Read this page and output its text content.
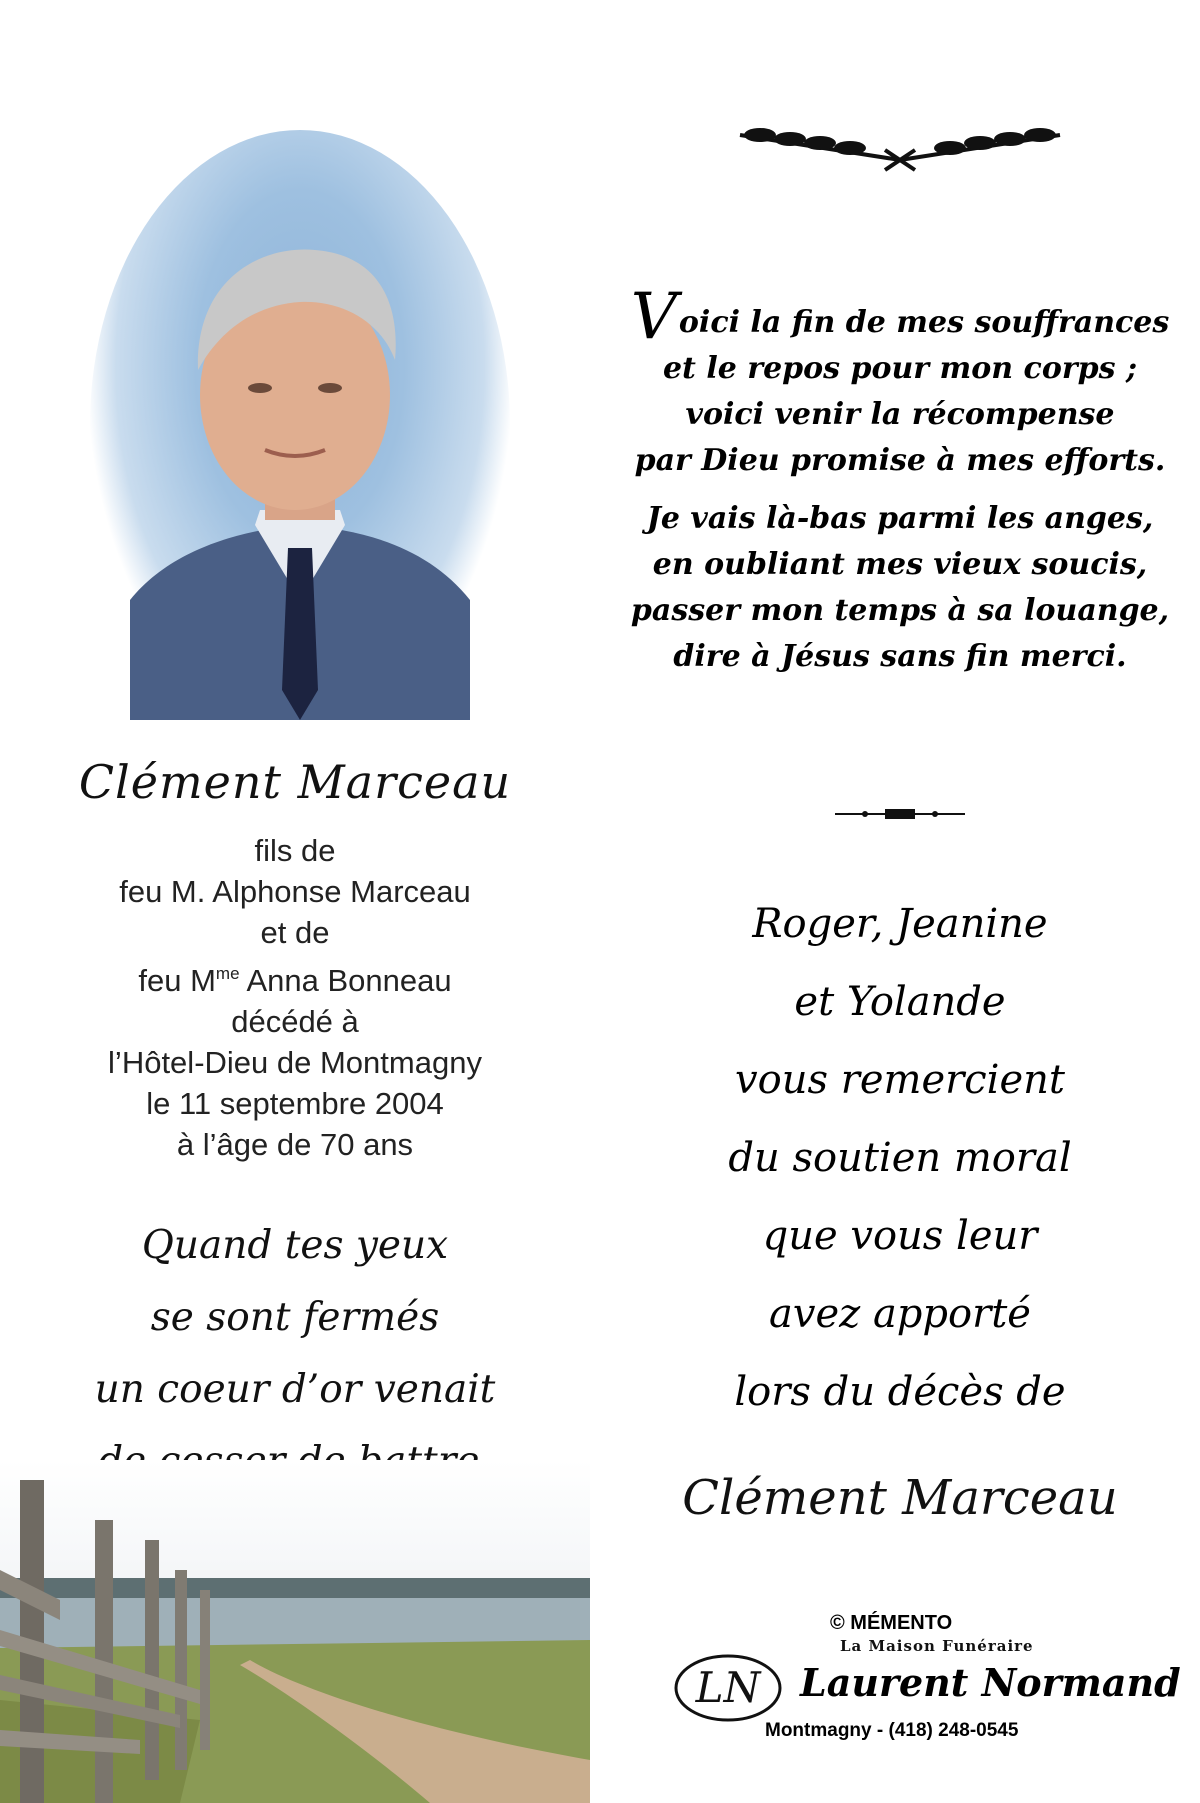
Clément Marceau
fils de
feu M. Alphonse Marceau
et de
feu $M^{me}$ Anna Bonneau
décédé à
l’Hôtel-Dieu de Montmagny
le 11 septembre 2004
à l’âge de 70 ans
Quand tes yeux
se sont fermés
un coeur d’or venait
Voici la fin de mes souffrances
et le repos pour mon corps ;
voici venir la récompense
par Dieu promise à mes efforts.
Je vais là-bas parmi les anges,
en oubliant mes vieux soucis,
passer mon temps à sa louange,
dire à Jésus sans fin merci.
Roger, Jeanine
et Yolande
vous remercient
du soutien moral
que vous leur
avez apporté
lors du décès de
Clément Marceau
© MÉMENTO
La Maison Funéraire
LN Laurent Normand
Montmagny - (418) 248-0545
